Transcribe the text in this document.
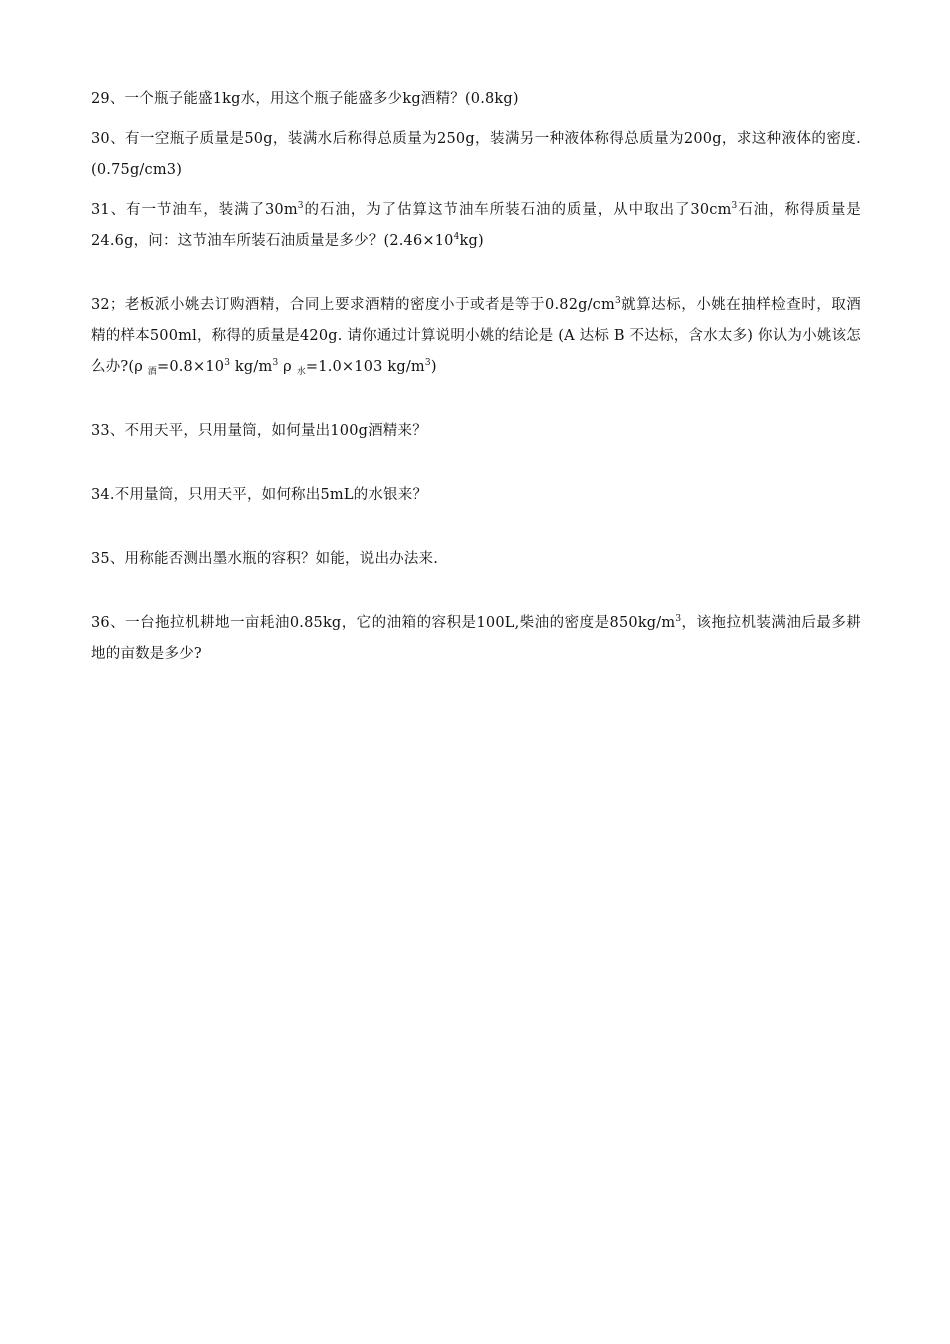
29、一个瓶子能盛1kg水，用这个瓶子能盛多少kg酒精？(0.8kg)

30、有一空瓶子质量是50g，装满水后称得总质量为250g，装满另一种液体称得总质量为200g，求这种液体的密度.(0.75g/cm3)

31、有一节油车，装满了$30m^3$的石油，为了估算这节油车所装石油的质量，从中取出了$30cm^3$石油，称得质量是24.6g，问：这节油车所装石油质量是多少？$(2.46\times 10^4kg)$

32；老板派小姚去订购酒精，合同上要求酒精的密度小于或者是等于$0.82g/cm^3$就算达标，小姚在抽样检查时，取酒精的样本500ml，称得的质量是420g. 请你通过计算说明小姚的结论是 (A 达标 B 不达标，含水太多) 你认为小姚该怎么办?(ρ $_酒=0.8\times 10^3$ $kg/m^3$ ρ $_水$=1.0×103 $kg/m^3$)

33、不用天平，只用量筒，如何量出100g酒精来？

34.不用量筒，只用天平，如何称出5mL的水银来？

35、用称能否测出墨水瓶的容积？如能，说出办法来.

36、一台拖拉机耕地一亩耗油0.85kg，它的油箱的容积是100L,柴油的密度是$850kg/m^3$，该拖拉机装满油后最多耕地的亩数是多少?
